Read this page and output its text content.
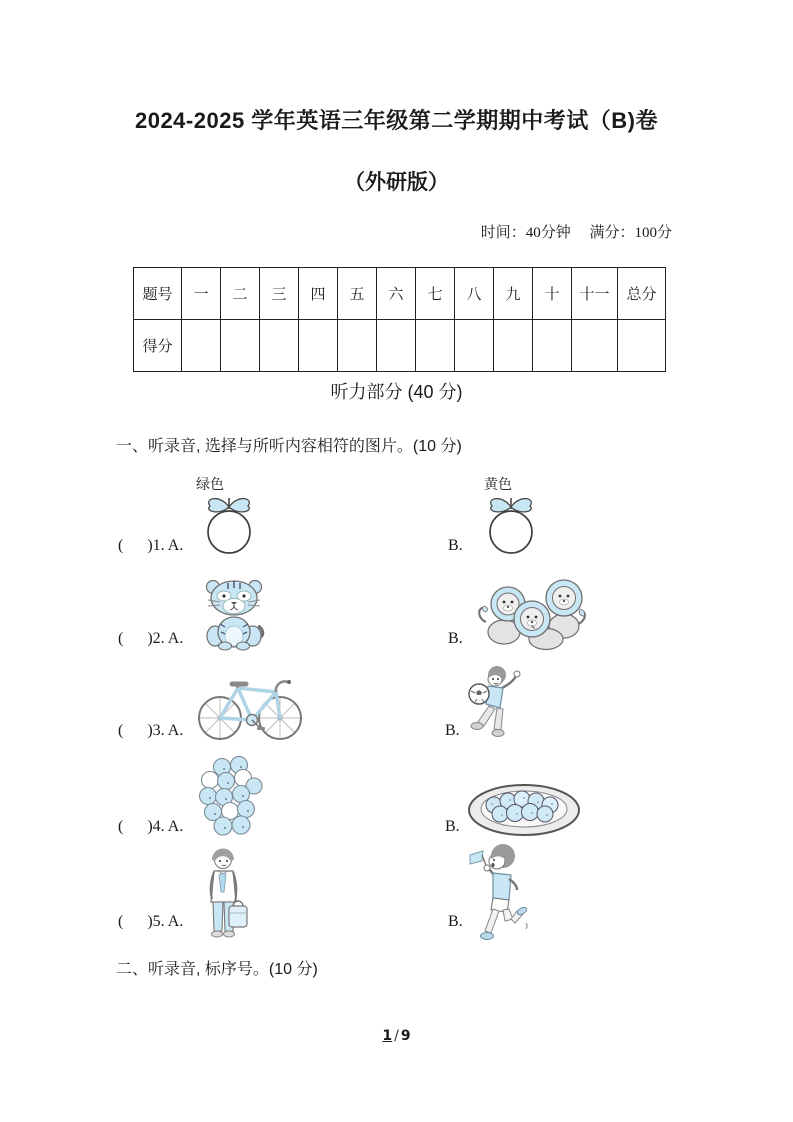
2024-2025 学年英语三年级第二学期期中考试（B)卷
（外研版）
时间：40分钟　 满分：100分
题号	一	二	三	四	五	六	七	八	九	十	十一	总分
得分												
听力部分 (40 分)
一、听录音, 选择与所听内容相符的图片。(10 分)
(      )1. A.
绿色
B.
黄色
(      )2. A.	B.
(      )3. A.	B.
(      )4. A.	B.
(      )5. A.	B.
二、听录音, 标序号。(10 分)
1 / 9
